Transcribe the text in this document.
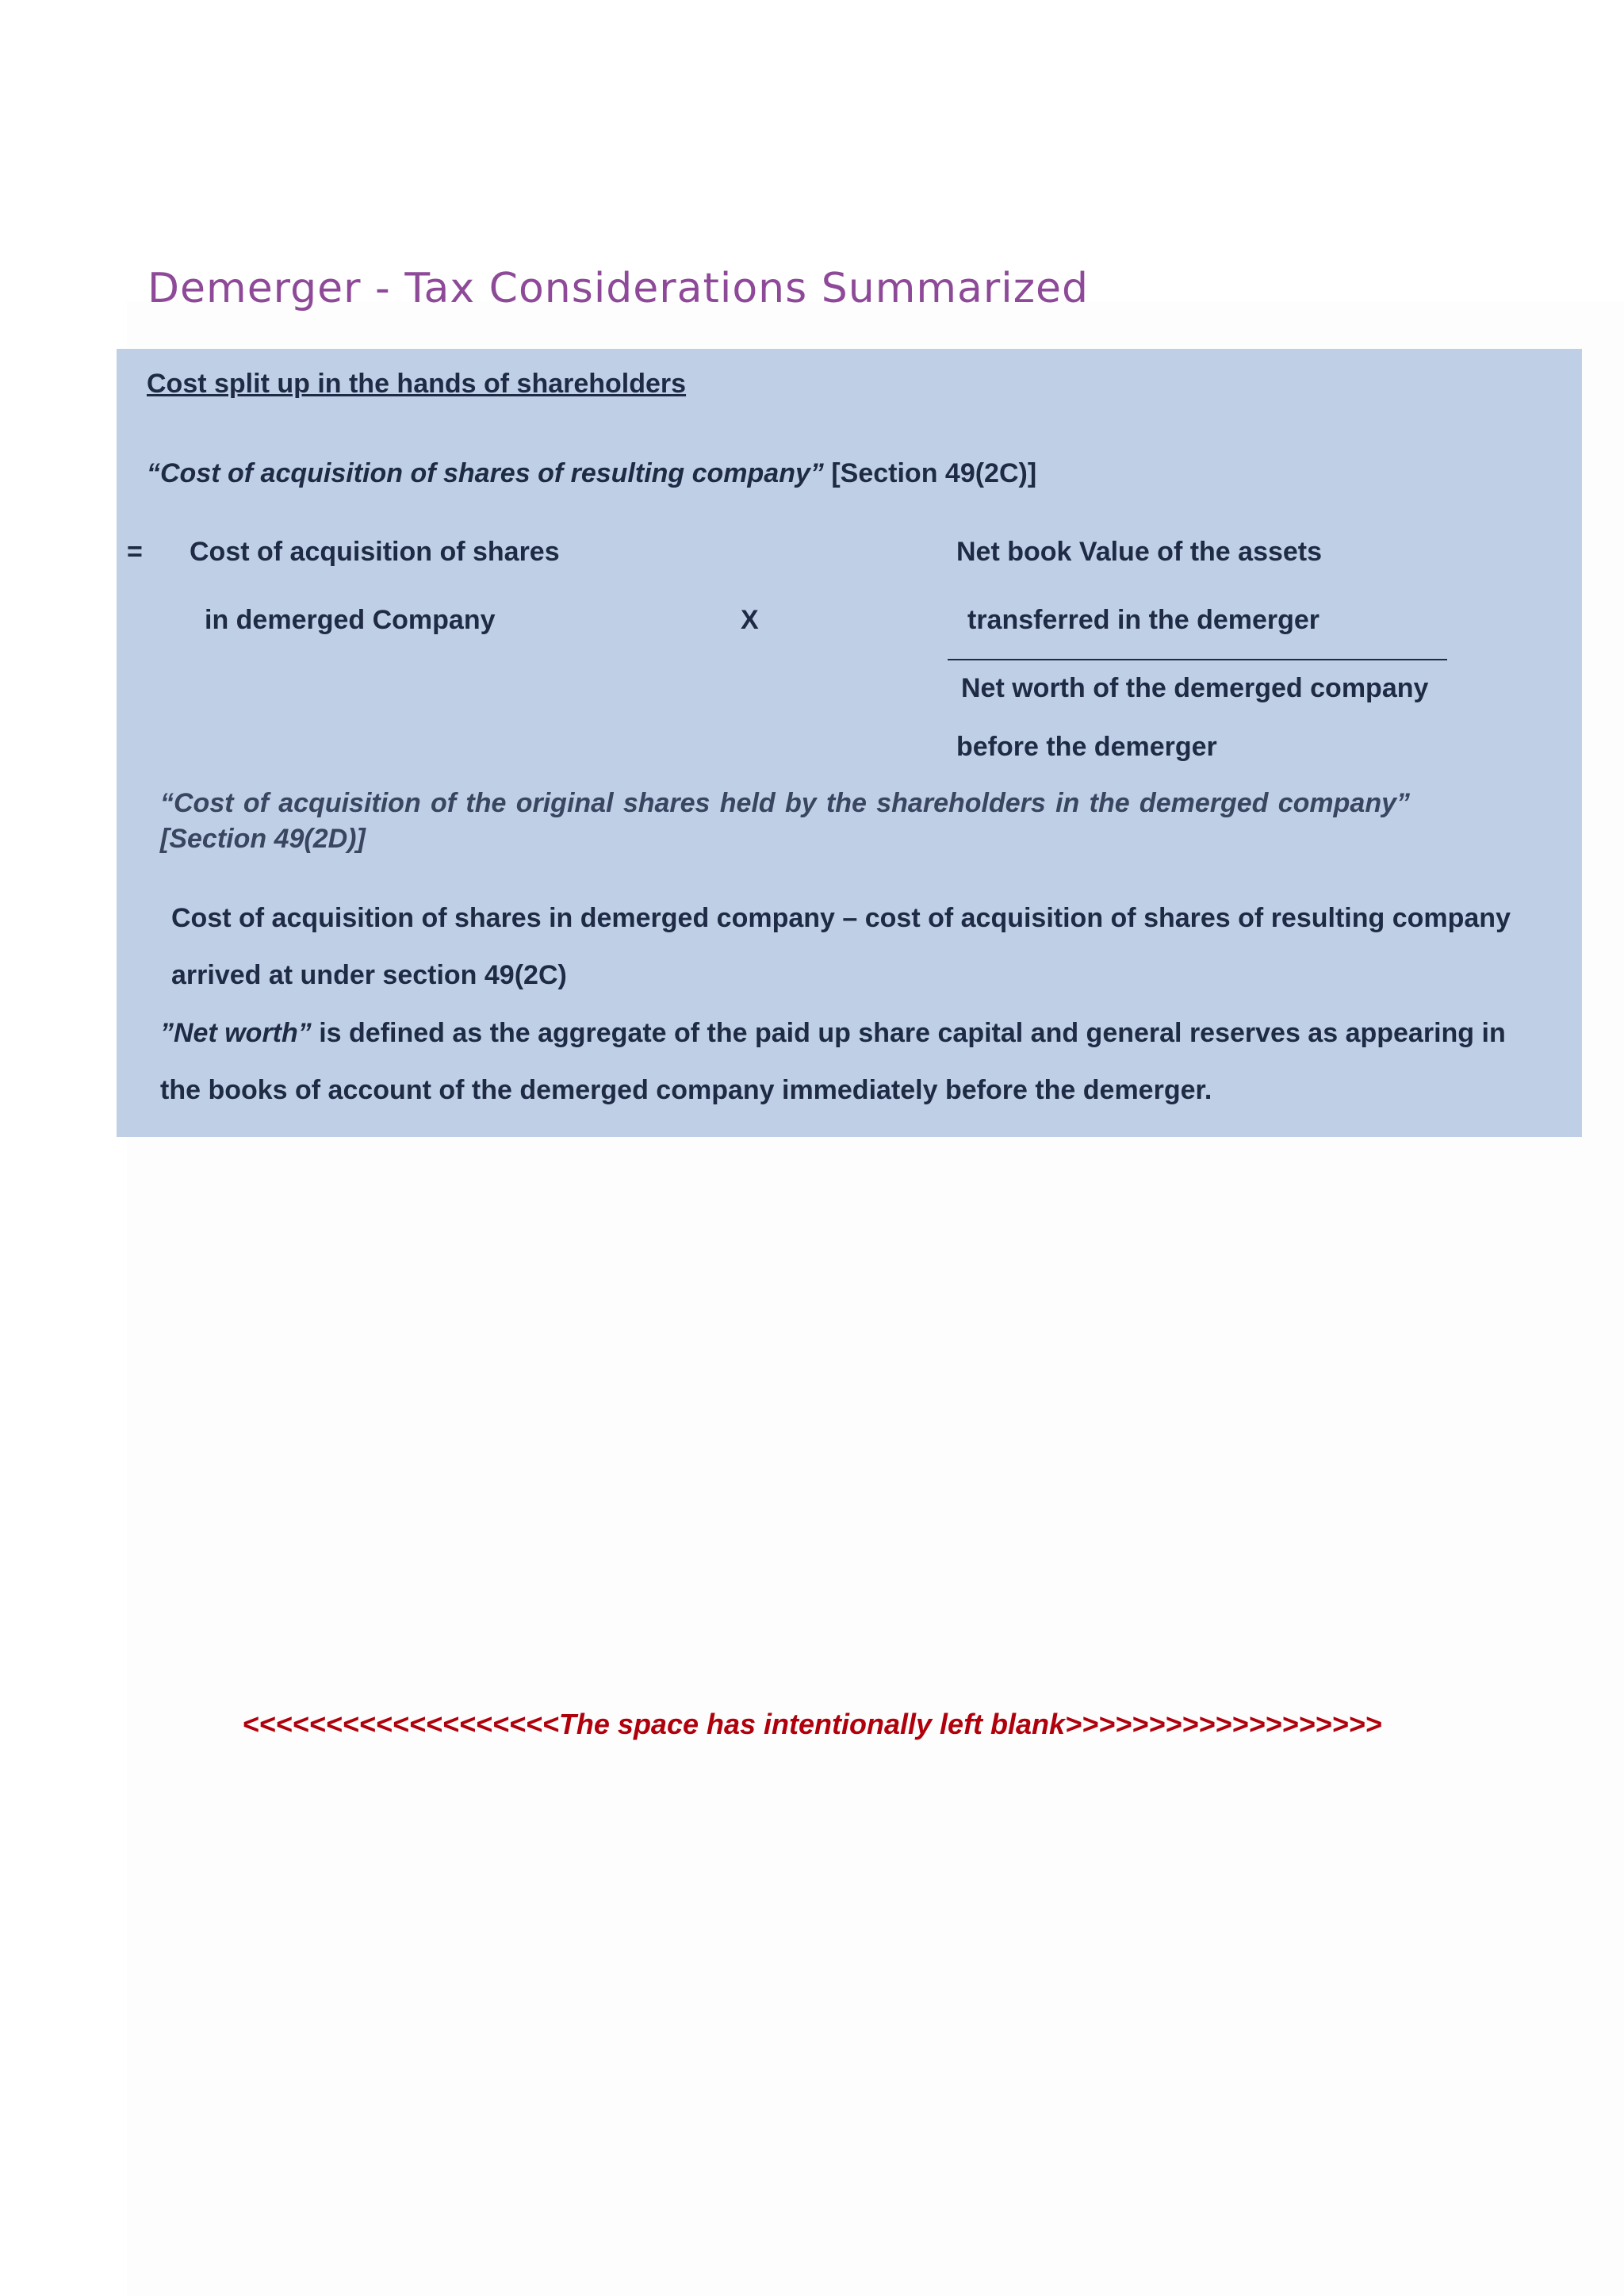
Demerger - Tax Considerations Summarized
Cost split up in the hands of shareholders
“Cost of acquisition of shares of resulting company” [Section 49(2C)]
= Cost of acquisition of shares
in demerged Company	X
Net book Value of the assets
transferred in the demerger
Net worth of the demerged company
before the demerger
“Cost of acquisition of the original shares held by the shareholders in the demerged company”
[Section 49(2D)]
Cost of acquisition of shares in demerged company – cost of acquisition of shares of resulting company
arrived at under section 49(2C)
”Net worth” is defined as the aggregate of the paid up share capital and general reserves as appearing in
the books of account of the demerged company immediately before the demerger.
<<<<<<<<<<<<<<<<<<<The space has intentionally left blank>>>>>>>>>>>>>>>>>>>
